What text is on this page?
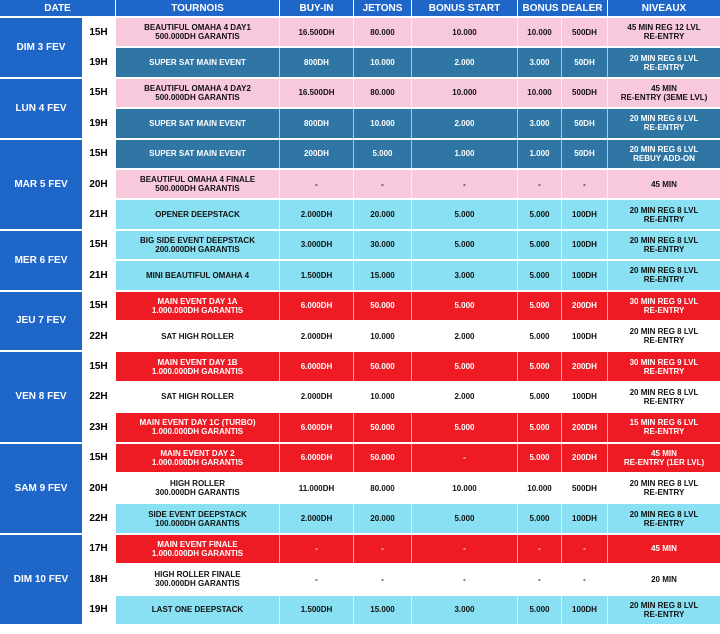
DATE	TOURNOIS	BUY-IN	JETONS	BONUS START	BONUS DEALER	NIVEAUX
DIM 3 FEV
15H	BEAUTIFUL OMAHA 4 DAY1
500.000DH GARANTIS	16.500DH	80.000	10.000	10.000	500DH	45 MIN REG 12 LVL
RE-ENTRY
19H	SUPER SAT MAIN EVENT	800DH	10.000	2.000	3.000	50DH	20 MIN REG 6 LVL
RE-ENTRY
LUN 4 FEV
15H	BEAUTIFUL OMAHA 4 DAY2
500.000DH GARANTIS	16.500DH	80.000	10.000	10.000	500DH	45 MIN
RE-ENTRY (3EME LVL)
19H	SUPER SAT MAIN EVENT	800DH	10.000	2.000	3.000	50DH	20 MIN REG 6 LVL
RE-ENTRY
MAR 5 FEV
15H	SUPER SAT MAIN EVENT	200DH	5.000	1.000	1.000	50DH	20 MIN REG 6 LVL
REBUY ADD-ON
20H	BEAUTIFUL OMAHA 4 FINALE
500.000DH GARANTIS	-	-	-	-	-	45 MIN
21H	OPENER DEEPSTACK	2.000DH	20.000	5.000	5.000	100DH	20 MIN REG 8 LVL
RE-ENTRY
MER 6 FEV
15H	BIG SIDE EVENT DEEPSTACK
200.000DH GARANTIS	3.000DH	30.000	5.000	5.000	100DH	20 MIN REG 8 LVL
RE-ENTRY
21H	MINI BEAUTIFUL OMAHA 4	1.500DH	15.000	3.000	5.000	100DH	20 MIN REG 8 LVL
RE-ENTRY
JEU 7 FEV
15H	MAIN EVENT DAY 1A
1.000.000DH GARANTIS	6.000DH	50.000	5.000	5.000	200DH	30 MIN REG 9 LVL
RE-ENTRY
22H	SAT HIGH ROLLER	2.000DH	10.000	2.000	5.000	100DH	20 MIN REG 8 LVL
RE-ENTRY
VEN 8 FEV
15H	MAIN EVENT DAY 1B
1.000.000DH GARANTIS	6.000DH	50.000	5.000	5.000	200DH	30 MIN REG 9 LVL
RE-ENTRY
22H	SAT HIGH ROLLER	2.000DH	10.000	2.000	5.000	100DH	20 MIN REG 8 LVL
RE-ENTRY
23H	MAIN EVENT DAY 1C (TURBO)
1.000.000DH GARANTIS	6.000DH	50.000	5.000	5.000	200DH	15 MIN REG 6 LVL
RE-ENTRY
SAM 9 FEV
15H	MAIN EVENT DAY 2
1.000.000DH GARANTIS	6.000DH	50.000	-	5.000	200DH	45 MIN
RE-ENTRY (1ER LVL)
20H	HIGH ROLLER
300.000DH GARANTIS	11.000DH	80.000	10.000	10.000	500DH	20 MIN REG 8 LVL
RE-ENTRY
22H	SIDE EVENT DEEPSTACK
100.000DH GARANTIS	2.000DH	20.000	5.000	5.000	100DH	20 MIN REG 8 LVL
RE-ENTRY
DIM 10 FEV
17H	MAIN EVENT FINALE
1.000.000DH GARANTIS	-	-	-	-	-	45 MIN
18H	HIGH ROLLER FINALE
300.000DH GARANTIS	-	-	-	-	-	20 MIN
19H	LAST ONE DEEPSTACK	1.500DH	15.000	3.000	5.000	100DH	20 MIN REG 8 LVL
RE-ENTRY
